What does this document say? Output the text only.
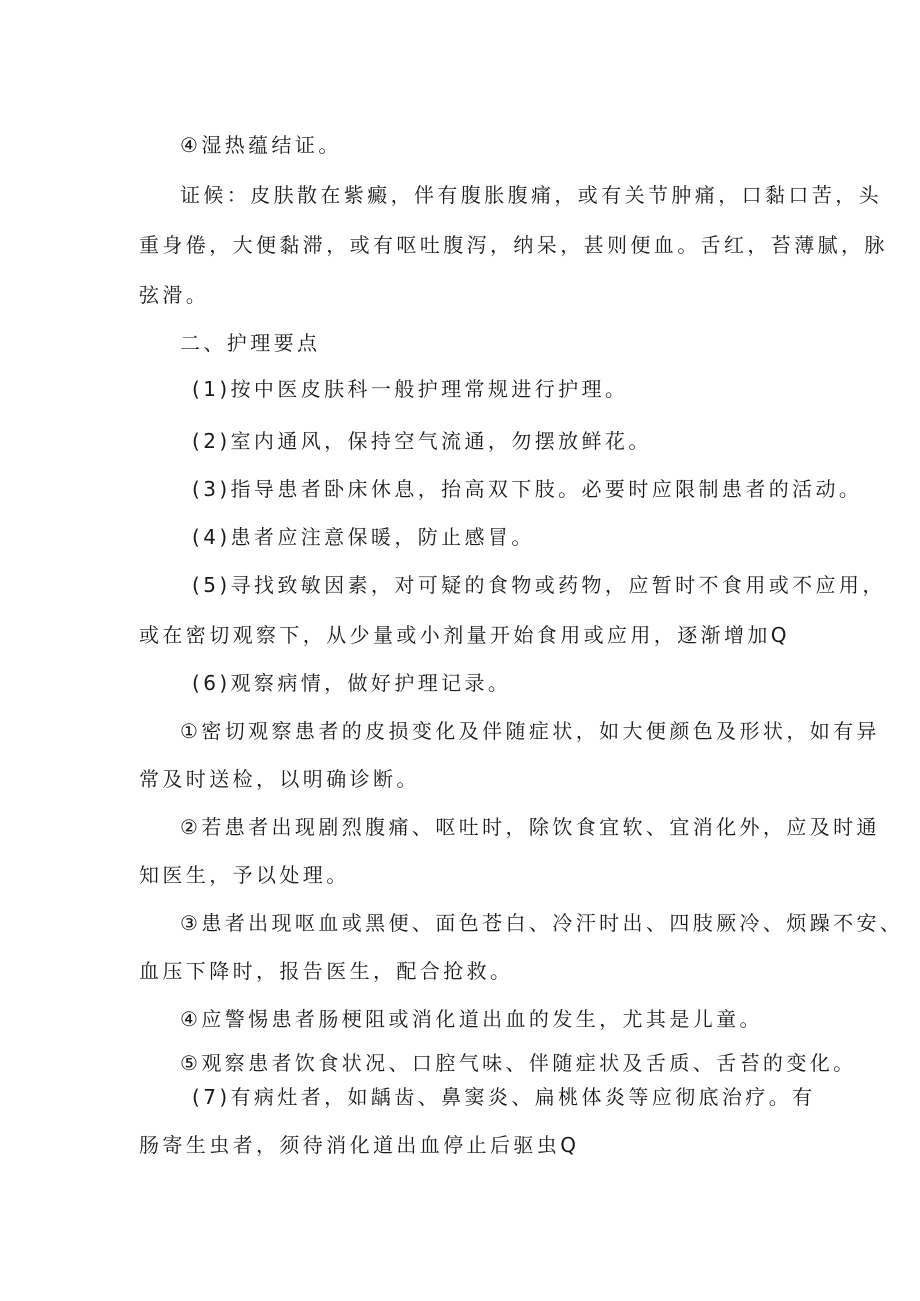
④湿热蕴结证。
证候：皮肤散在紫癜，伴有腹胀腹痛，或有关节肿痛，口黏口苦，头
重身倦，大便黏滞，或有呕吐腹泻，纳呆，甚则便血。舌红，苔薄腻，脉
弦滑。
二、护理要点
(1)按中医皮肤科一般护理常规进行护理。
(2)室内通风，保持空气流通，勿摆放鲜花。
(3)指导患者卧床休息，抬高双下肢。必要时应限制患者的活动。
(4)患者应注意保暖，防止感冒。
(5)寻找致敏因素，对可疑的食物或药物，应暂时不食用或不应用，
或在密切观察下，从少量或小剂量开始食用或应用，逐渐增加Q
(6)观察病情，做好护理记录。
①密切观察患者的皮损变化及伴随症状，如大便颜色及形状，如有异
常及时送检，以明确诊断。
②若患者出现剧烈腹痛、呕吐时，除饮食宜软、宜消化外，应及时通
知医生，予以处理。
③患者出现呕血或黑便、面色苍白、冷汗时出、四肢厥冷、烦躁不安、
血压下降时，报告医生，配合抢救。
④应警惕患者肠梗阻或消化道出血的发生，尤其是儿童。
⑤观察患者饮食状况、口腔气味、伴随症状及舌质、舌苔的变化。
(7)有病灶者，如龋齿、鼻窦炎、扁桃体炎等应彻底治疗。有
肠寄生虫者，须待消化道出血停止后驱虫Q
